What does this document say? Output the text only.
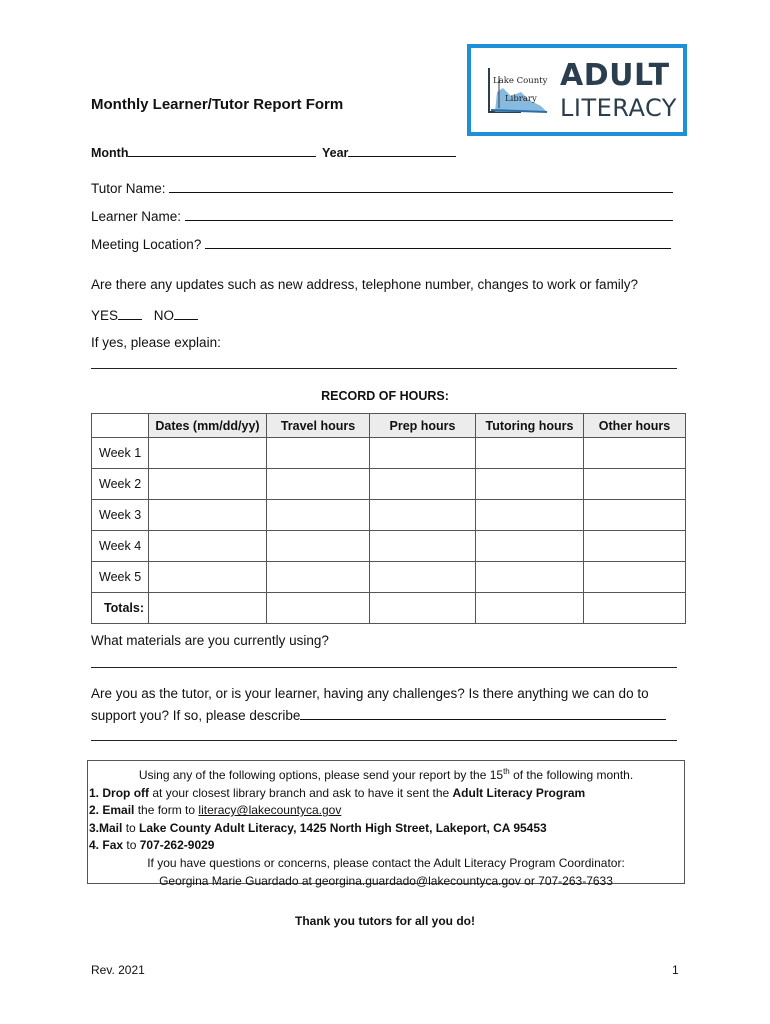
Monthly Learner/Tutor Report Form
Month	Year
Lake County
Library
ADULT
LITERACY
Tutor Name:
Learner Name:
Meeting Location?
Are there any updates such as new address, telephone number, changes to work or family?
YES	NO
If yes, please explain:
RECORD OF HOURS:
	Dates (mm/dd/yy)	Travel hours	Prep hours	Tutoring hours	Other hours
Week 1					
Week 2					
Week 3					
Week 4					
Week 5					
Totals:					
What materials are you currently using?
Are you as the tutor, or is your learner, having any challenges? Is there anything we can do to
support you? If so, please describe
Using any of the following options, please send your report by the 15th of the following month.
1. Drop off at your closest library branch and ask to have it sent the Adult Literacy Program
2. Email the form to literacy@lakecountyca.gov
3.Mail to Lake County Adult Literacy, 1425 North High Street, Lakeport, CA 95453
4. Fax to 707-262-9029
If you have questions or concerns, please contact the Adult Literacy Program Coordinator:
Georgina Marie Guardado at georgina.guardado@lakecountyca.gov or 707-263-7633
Thank you tutors for all you do!
Rev. 2021	1
